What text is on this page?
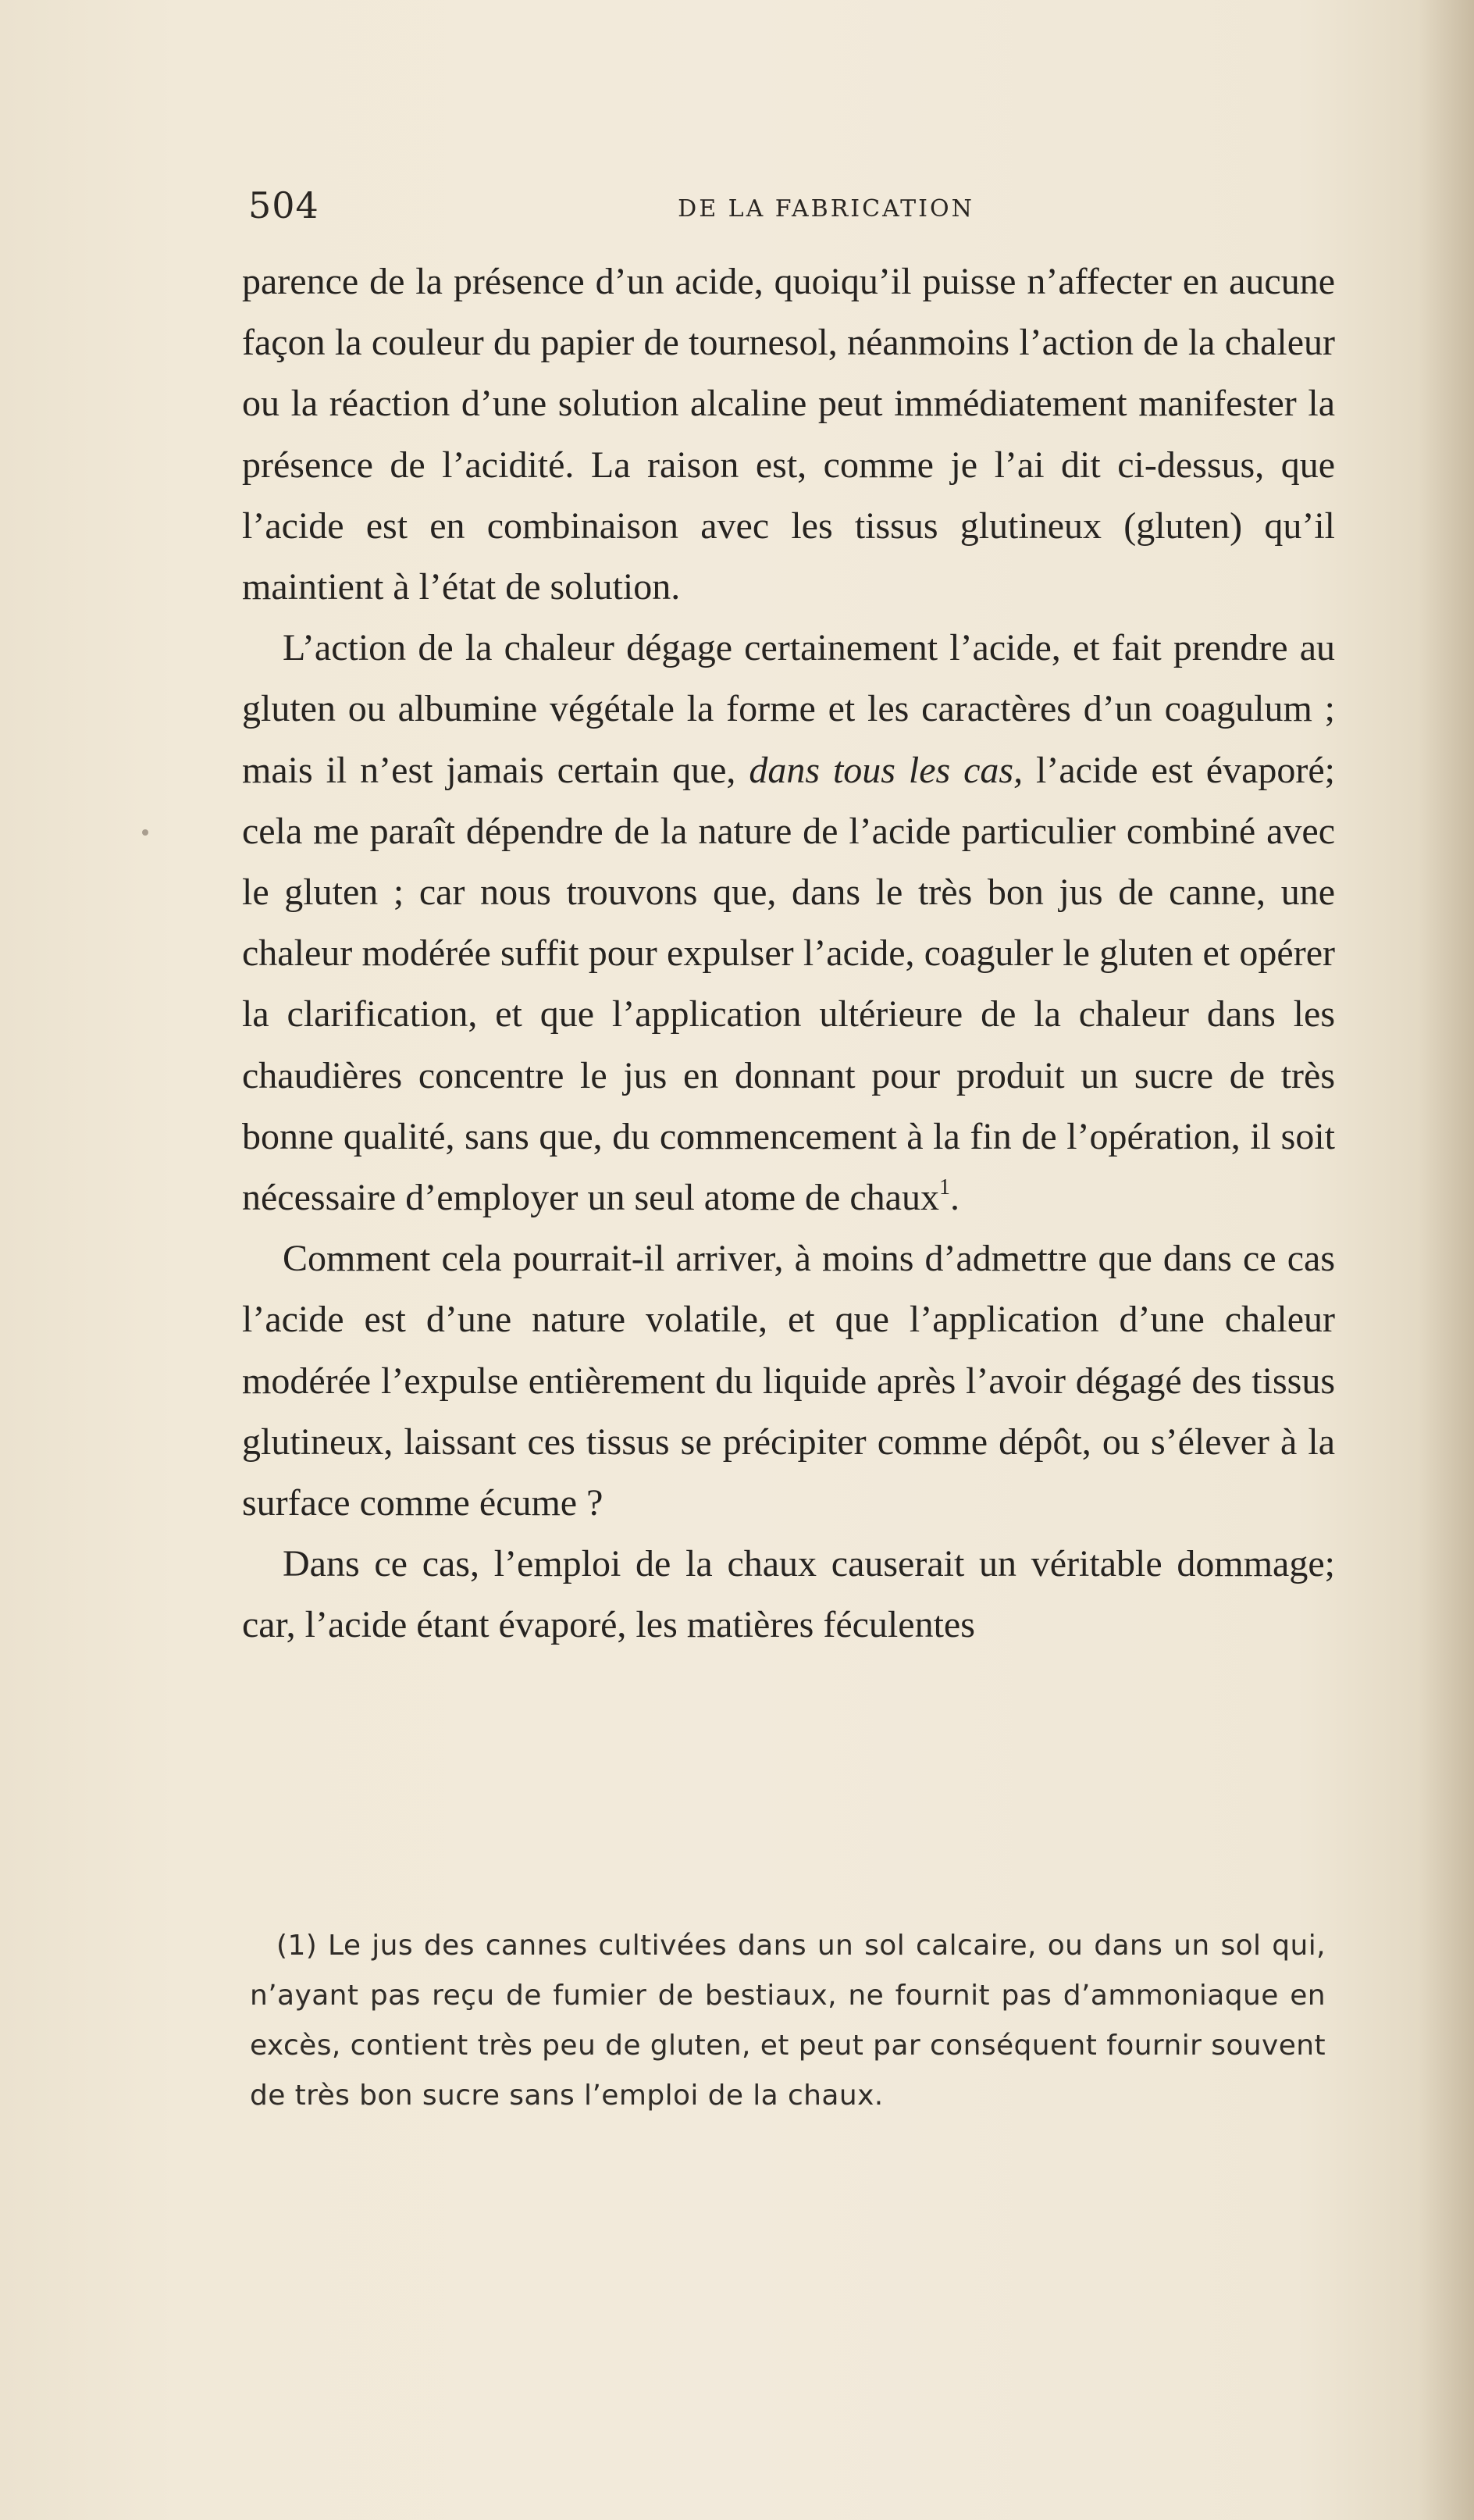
504	DE LA FABRICATION

parence de la présence d’un acide, quoiqu’il puisse n’affecter en aucune façon la couleur du papier de tournesol, néanmoins l’action de la chaleur ou la réaction d’une solution alcaline peut immédiatement manifester la présence de l’acidité. La raison est, comme je l’ai dit ci-dessus, que l’acide est en combinaison avec les tissus glutineux (gluten) qu’il maintient à l’état de solution.

L’action de la chaleur dégage certainement l’acide, et fait prendre au gluten ou albumine végétale la forme et les caractères d’un coagulum ; mais il n’est jamais certain que, dans tous les cas, l’acide est évaporé; cela me paraît dépendre de la nature de l’acide particulier combiné avec le gluten ; car nous trouvons que, dans le très bon jus de canne, une chaleur modérée suffit pour expulser l’acide, coaguler le gluten et opérer la clarification, et que l’application ultérieure de la chaleur dans les chaudières concentre le jus en donnant pour produit un sucre de très bonne qualité, sans que, du commencement à la fin de l’opération, il soit nécessaire d’employer un seul atome de chaux$^1$.

Comment cela pourrait-il arriver, à moins d’admettre que dans ce cas l’acide est d’une nature volatile, et que l’application d’une chaleur modérée l’expulse entièrement du liquide après l’avoir dégagé des tissus glutineux, laissant ces tissus se précipiter comme dépôt, ou s’élever à la surface comme écume ?

Dans ce cas, l’emploi de la chaux causerait un véritable dommage; car, l’acide étant évaporé, les matières féculentes

(1) Le jus des cannes cultivées dans un sol calcaire, ou dans un sol qui, n’ayant pas reçu de fumier de bestiaux, ne fournit pas d’ammoniaque en excès, contient très peu de gluten, et peut par conséquent fournir souvent de très bon sucre sans l’emploi de la chaux.
